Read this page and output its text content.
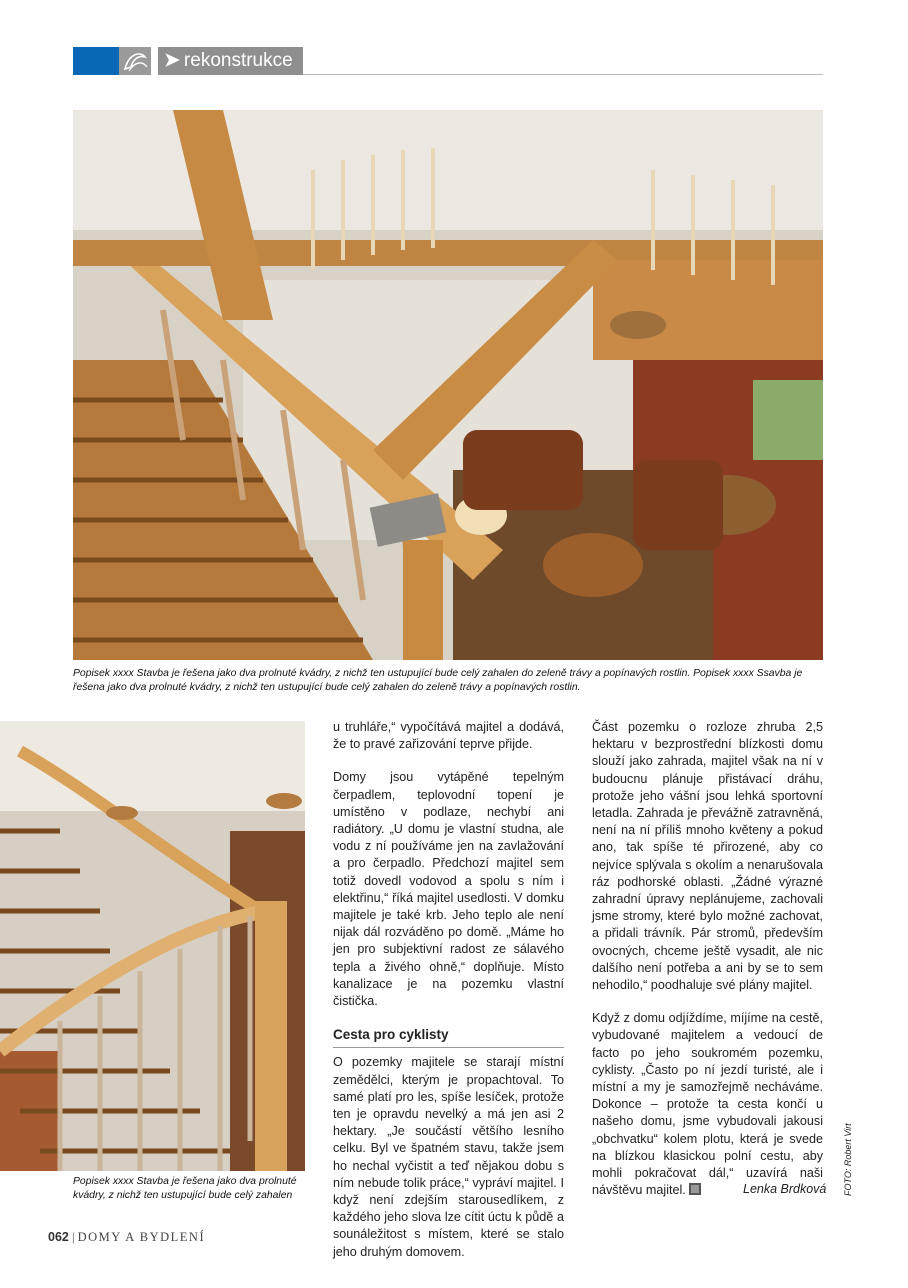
➤ rekonstrukce
Popisek xxxx Stavba je řešena jako dva prolnuté kvádry, z nichž ten ustupující bude celý zahalen do zeleně trávy a popínavých rostlin. Popisek xxxx Ssavba je řešena jako dva prolnuté kvádry, z nichž ten ustupující bude celý zahalen do zeleně trávy a popínavých rostlin.
Popisek xxxx Stavba je řešena jako dva prolnuté kvádry, z nichž ten ustupující bude celý zahalen

u truhláře,“ vypočítává majitel a dodává, že to pravé zařizování teprve přijde.

Domy jsou vytápěné tepelným čerpadlem, teplovodní topení je umístěno v podlaze, nechybí ani radiátory. „U domu je vlastní studna, ale vodu z ní používáme jen na zavlažování a pro čerpadlo. Předchozí majitel sem totiž dovedl vodovod a spolu s ním i elektřinu,“ říká majitel usedlosti. V domku majitele je také krb. Jeho teplo ale není nijak dál rozváděno po domě. „Máme ho jen pro subjektivní radost ze sálavého tepla a živého ohně,“ doplňuje. Místo kanalizace je na pozemku vlastní čistička.

Cesta pro cyklisty

O pozemky majitele se starají místní zemědělci, kterým je propachtoval. To samé platí pro les, spíše lesíček, protože ten je opravdu nevelký a má jen asi 2 hektary. „Je součástí většího lesního celku. Byl ve špatném stavu, takže jsem ho nechal vyčistit a teď nějakou dobu s ním nebude tolik práce,“ vypráví majitel. I když není zdejším starousedlíkem, z každého jeho slova lze cítit úctu k půdě a sounáležitost s místem, které se stalo jeho druhým domovem.

Část pozemku o rozloze zhruba 2,5 hektaru v bezprostřední blízkosti domu slouží jako zahrada, majitel však na ní v budoucnu plánuje přistávací dráhu, protože jeho vášní jsou lehká sportovní letadla. Zahrada je převážně zatravněná, není na ní příliš mnoho květeny a pokud ano, tak spíše té přirozené, aby co nejvíce splývala s okolím a nenarušovala ráz podhorské oblasti. „Žádné výrazné zahradní úpravy neplánujeme, zachovali jsme stromy, které bylo možné zachovat, a přidali trávník. Pár stromů, především ovocných, chceme ještě vysadit, ale nic dalšího není potřeba a ani by se to sem nehodilo,“ poodhaluje své plány majitel.

Když z domu odjíždíme, míjíme na cestě, vybudované majitelem a vedoucí de facto po jeho soukromém pozemku, cyklisty. „Často po ní jezdí turisté, ale i místní a my je samozřejmě necháváme. Dokonce – protože ta cesta končí u našeho domu, jsme vybudovali jakousi „obchvatku“ kolem plotu, která je svede na blízkou klasickou polní cestu, aby mohli pokračovat dál,“ uzavírá naši návštěvu majitel.	Lenka Brdková FOTO: Robert Virt
062 | DOMY A BYDLENÍ
